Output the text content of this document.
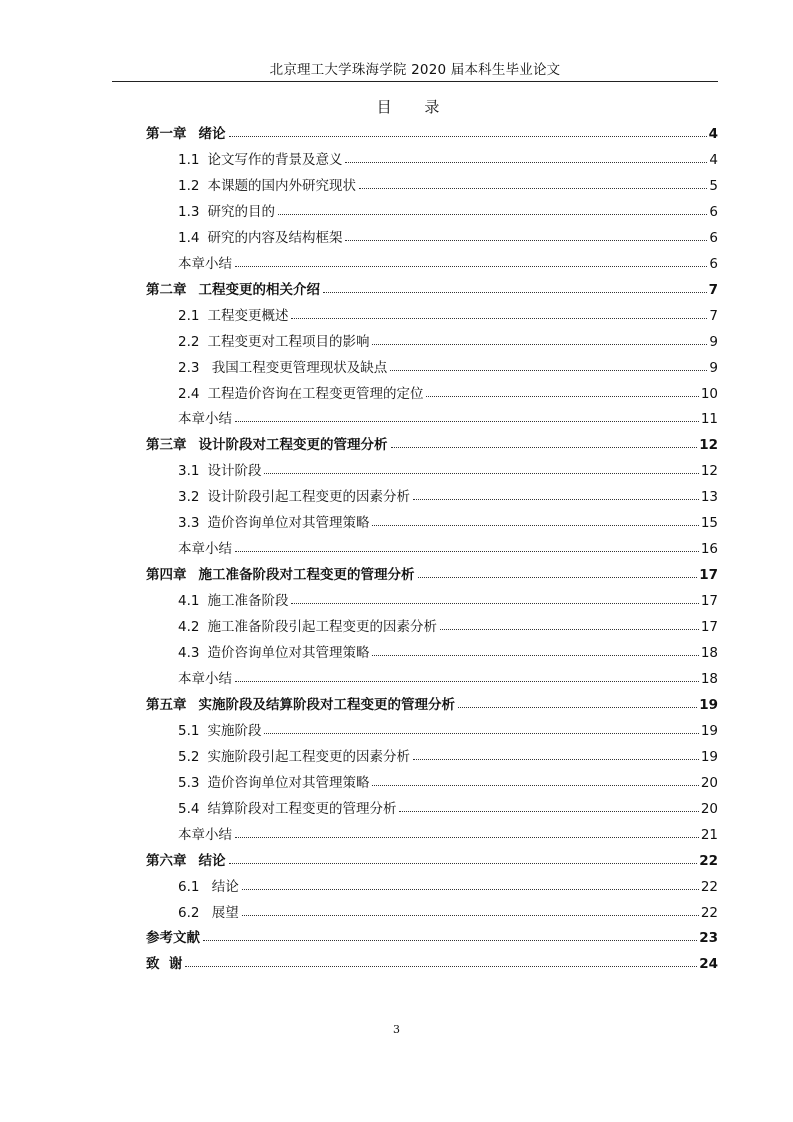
北京理工大学珠海学院 2020 届本科生毕业论文
目 录
第一章 绪论	4
1.1 论文写作的背景及意义	4
1.2 本课题的国内外研究现状	5
1.3 研究的目的	6
1.4 研究的内容及结构框架	6
本章小结	6
第二章 工程变更的相关介绍	7
2.1 工程变更概述	7
2.2 工程变更对工程项目的影响	9
2.3 我国工程变更管理现状及缺点	9
2.4 工程造价咨询在工程变更管理的定位	10
本章小结	11
第三章 设计阶段对工程变更的管理分析	12
3.1 设计阶段	12
3.2 设计阶段引起工程变更的因素分析	13
3.3 造价咨询单位对其管理策略	15
本章小结	16
第四章 施工准备阶段对工程变更的管理分析	17
4.1 施工准备阶段	17
4.2 施工准备阶段引起工程变更的因素分析	17
4.3 造价咨询单位对其管理策略	18
本章小结	18
第五章 实施阶段及结算阶段对工程变更的管理分析	19
5.1 实施阶段	19
5.2 实施阶段引起工程变更的因素分析	19
5.3 造价咨询单位对其管理策略	20
5.4 结算阶段对工程变更的管理分析	20
本章小结	21
第六章 结论	22
6.1 结论	22
6.2 展望	22
参考文献	23
致  谢	24
3
